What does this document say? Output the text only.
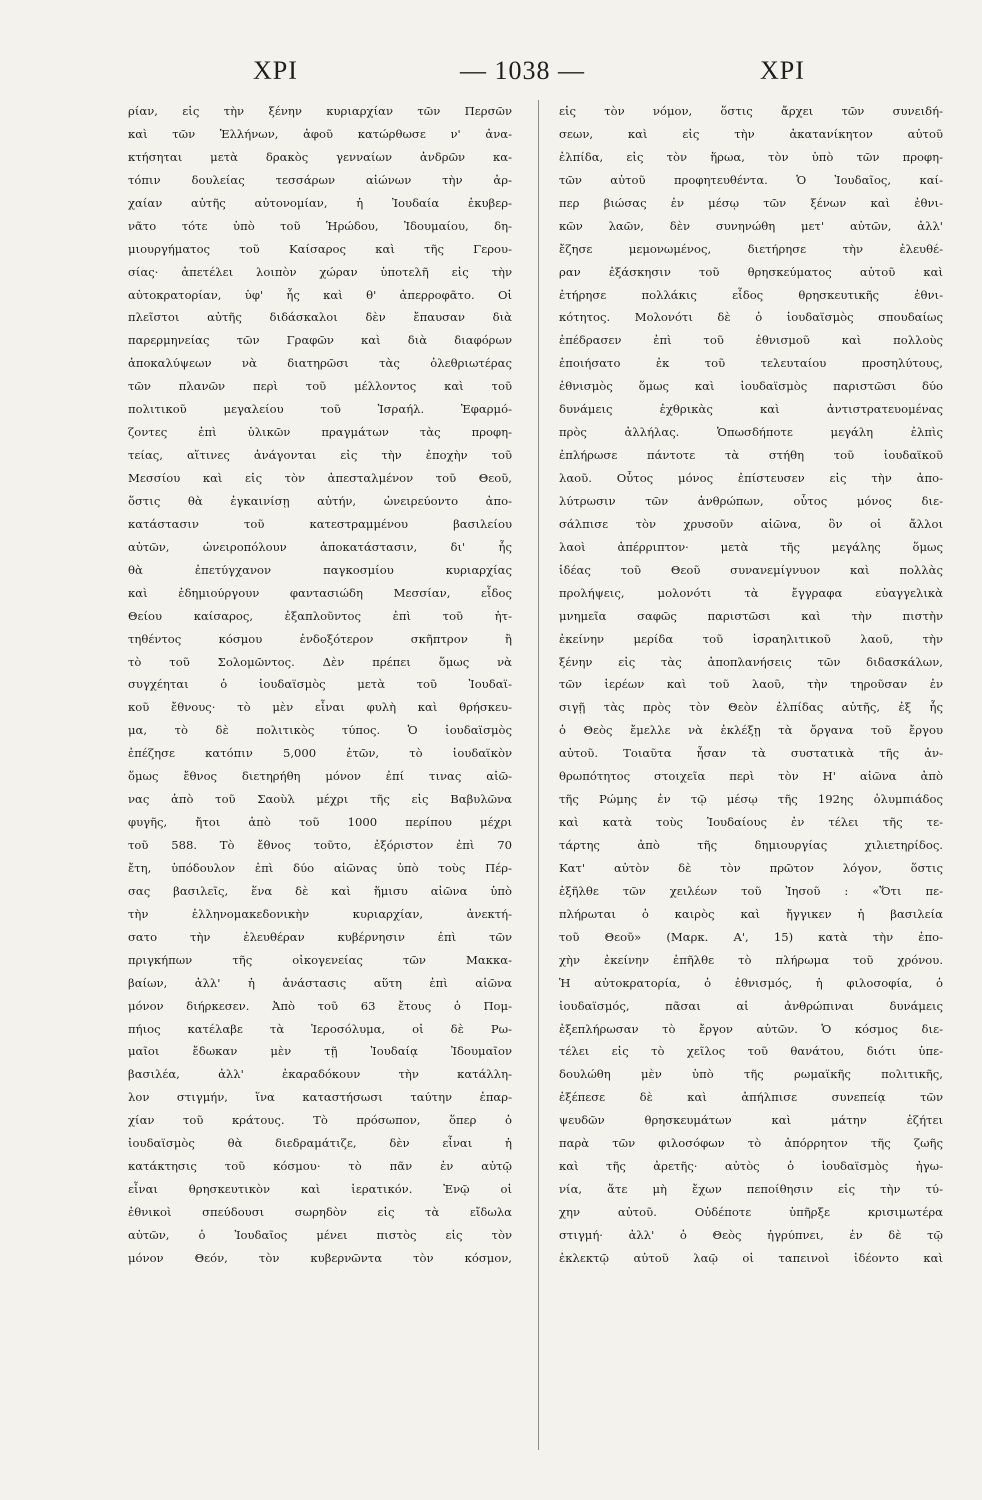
ΧΡΙ	— 1038 —	ΧΡΙ
ρίαν, εἰς τὴν ξένην κυριαρχίαν τῶν Περσῶν
καὶ τῶν Ἑλλήνων, ἀφοῦ κατώρθωσε ν' ἀνα-
κτήσηται μετὰ δρακὸς γενναίων ἀνδρῶν κα-
τόπιν δουλείας τεσσάρων αἰώνων τὴν ἀρ-
χαίαν αὐτῆς αὐτονομίαν, ἡ Ἰουδαία ἐκυβερ-
νᾶτο τότε ὑπὸ τοῦ Ἡρώδου, Ἰδουμαίου, δη-
μιουργήματος τοῦ Καίσαρος καὶ τῆς Γερου-
σίας· ἀπετέλει λοιπὸν χώραν ὑποτελῆ εἰς τὴν
αὐτοκρατορίαν, ὑφ' ἧς καὶ θ' ἀπερροφᾶτο. Οἱ
πλεῖστοι αὐτῆς διδάσκαλοι δὲν ἔπαυσαν διὰ
παρερμηνείας τῶν Γραφῶν καὶ διὰ διαφόρων
ἀποκαλύψεων νὰ διατηρῶσι τὰς ὀλεθριωτέρας
τῶν πλανῶν περὶ τοῦ μέλλοντος καὶ τοῦ
πολιτικοῦ μεγαλείου τοῦ Ἰσραήλ. Ἐφαρμό-
ζοντες ἐπὶ ὑλικῶν πραγμάτων τὰς προφη-
τείας, αἵτινες ἀνάγονται εἰς τὴν ἐποχὴν τοῦ
Μεσσίου καὶ εἰς τὸν ἀπεσταλμένον τοῦ Θεοῦ,
ὅστις θὰ ἐγκαινίσῃ αὐτήν, ὠνειρεύοντο ἀπο-
κατάστασιν τοῦ κατεστραμμένου βασιλείου
αὐτῶν, ὠνειροπόλουν ἀποκατάστασιν, δι' ἧς
θὰ ἐπετύγχανον παγκοσμίου κυριαρχίας
καὶ ἐδημιούργουν φαντασιώδη Μεσσίαν, εἶδος
Θείου καίσαρος, ἐξαπλοῦντος ἐπὶ τοῦ ἡτ-
τηθέντος κόσμου ἐνδοξότερον σκῆπτρον ἢ
τὸ τοῦ Σολομῶντος. Δὲν πρέπει ὅμως νὰ
συγχέηται ὁ ἰουδαϊσμὸς μετὰ τοῦ Ἰουδαϊ-
κοῦ ἔθνους· τὸ μὲν εἶναι φυλὴ καὶ θρήσκευ-
μα, τὸ δὲ πολιτικὸς τύπος. Ὁ ἰουδαϊσμὸς
ἐπέζησε κατόπιν 5,000 ἐτῶν, τὸ ἰουδαϊκὸν
ὅμως ἔθνος διετηρήθη μόνον ἐπί τινας αἰῶ-
νας ἀπὸ τοῦ Σαοὺλ μέχρι τῆς εἰς Βαβυλῶνα
φυγῆς, ἤτοι ἀπὸ τοῦ 1000 περίπου μέχρι
τοῦ 588. Τὸ ἔθνος τοῦτο, ἐξόριστον ἐπὶ 70
ἔτη, ὑπόδουλον ἐπὶ δύο αἰῶνας ὑπὸ τοὺς Πέρ-
σας βασιλεῖς, ἕνα δὲ καὶ ἥμισυ αἰῶνα ὑπὸ
τὴν ἑλληνομακεδονικὴν κυριαρχίαν, ἀνεκτή-
σατο τὴν ἐλευθέραν κυβέρνησιν ἐπὶ τῶν
πριγκήπων τῆς οἰκογενείας τῶν Μακκα-
βαίων, ἀλλ' ἡ ἀνάστασις αὕτη ἐπὶ αἰῶνα
μόνον διήρκεσεν. Ἀπὸ τοῦ 63 ἔτους ὁ Πομ-
πήιος κατέλαβε τὰ Ἱεροσόλυμα, οἱ δὲ Ρω-
μαῖοι ἔδωκαν μὲν τῇ Ἰουδαίᾳ Ἰδουμαῖον
βασιλέα, ἀλλ' ἐκαραδόκουν τὴν κατάλλη-
λον στιγμήν, ἵνα καταστήσωσι ταύτην ἐπαρ-
χίαν τοῦ κράτους. Τὸ πρόσωπον, ὅπερ ὁ
ἰουδαϊσμὸς θὰ διεδραμάτιζε, δὲν εἶναι ἡ
κατάκτησις τοῦ κόσμου· τὸ πᾶν ἐν αὐτῷ
εἶναι θρησκευτικὸν καὶ ἱερατικόν. Ἐνῷ οἱ
ἐθνικοὶ σπεύδουσι σωρηδὸν εἰς τὰ εἴδωλα
αὐτῶν, ὁ Ἰουδαῖος μένει πιστὸς εἰς τὸν
μόνον Θεόν, τὸν κυβερνῶντα τὸν κόσμον,
εἰς τὸν νόμον, ὅστις ἄρχει τῶν συνειδή-
σεων, καὶ εἰς τὴν ἀκατανίκητον αὐτοῦ
ἐλπίδα, εἰς τὸν ἥρωα, τὸν ὑπὸ τῶν προφη-
τῶν αὐτοῦ προφητευθέντα. Ὁ Ἰουδαῖος, καί-
περ βιώσας ἐν μέσῳ τῶν ξένων καὶ ἐθνι-
κῶν λαῶν, δὲν συνηνώθη μετ' αὐτῶν, ἀλλ'
ἔζησε μεμονωμένος, διετήρησε τὴν ἐλευθέ-
ραν ἐξάσκησιν τοῦ θρησκεύματος αὐτοῦ καὶ
ἐτήρησε πολλάκις εἶδος θρησκευτικῆς ἐθνι-
κότητος. Μολονότι δὲ ὁ ἰουδαϊσμὸς σπουδαίως
ἐπέδρασεν ἐπὶ τοῦ ἐθνισμοῦ καὶ πολλοὺς
ἐποιήσατο ἐκ τοῦ τελευταίου προσηλύτους,
ἐθνισμὸς ὅμως καὶ ἰουδαϊσμὸς παριστῶσι δύο
δυνάμεις ἐχθρικὰς καὶ ἀντιστρατευομένας
πρὸς ἀλλήλας. Ὁπωσδήποτε μεγάλη ἐλπὶς
ἐπλήρωσε πάντοτε τὰ στήθη τοῦ ἰουδαϊκοῦ
λαοῦ. Οὗτος μόνος ἐπίστευσεν εἰς τὴν ἀπο-
λύτρωσιν τῶν ἀνθρώπων, οὗτος μόνος διε-
σάλπισε τὸν χρυσοῦν αἰῶνα, ὃν οἱ ἄλλοι
λαοὶ ἀπέρριπτον· μετὰ τῆς μεγάλης ὅμως
ἰδέας τοῦ Θεοῦ συνανεμίγνυον καὶ πολλὰς
προλήψεις, μολονότι τὰ ἔγγραφα εὐαγγελικὰ
μνημεῖα σαφῶς παριστῶσι καὶ τὴν πιστὴν
ἐκείνην μερίδα τοῦ ἰσραηλιτικοῦ λαοῦ, τὴν
ξένην εἰς τὰς ἀποπλανήσεις τῶν διδασκάλων,
τῶν ἱερέων καὶ τοῦ λαοῦ, τὴν τηροῦσαν ἐν
σιγῇ τὰς πρὸς τὸν Θεὸν ἐλπίδας αὐτῆς, ἐξ ἧς
ὁ Θεὸς ἔμελλε νὰ ἐκλέξῃ τὰ ὄργανα τοῦ ἔργου
αὐτοῦ. Τοιαῦτα ἦσαν τὰ συστατικὰ τῆς ἀν-
θρωπότητος στοιχεῖα περὶ τὸν Η' αἰῶνα ἀπὸ
τῆς Ρώμης ἐν τῷ μέσῳ τῆς 192ης ὀλυμπιάδος
καὶ κατὰ τοὺς Ἰουδαίους ἐν τέλει τῆς τε-
τάρτης ἀπὸ τῆς δημιουργίας χιλιετηρίδος.
Κατ' αὐτὸν δὲ τὸν πρῶτον λόγον, ὅστις
ἐξῆλθε τῶν χειλέων τοῦ Ἰησοῦ : «Ὅτι πε-
πλήρωται ὁ καιρὸς καὶ ἤγγικεν ἡ βασιλεία
τοῦ Θεοῦ» (Μαρκ. Α', 15) κατὰ τὴν ἐπο-
χὴν ἐκείνην ἐπῆλθε τὸ πλήρωμα τοῦ χρόνου.
Ἡ αὐτοκρατορία, ὁ ἐθνισμός, ἡ φιλοσοφία, ὁ
ἰουδαϊσμός, πᾶσαι αἱ ἀνθρώπιναι δυνάμεις
ἐξεπλήρωσαν τὸ ἔργον αὐτῶν. Ὁ κόσμος διε-
τέλει εἰς τὸ χεῖλος τοῦ θανάτου, διότι ὑπε-
δουλώθη μὲν ὑπὸ τῆς ρωμαϊκῆς πολιτικῆς,
ἐξέπεσε δὲ καὶ ἀπήλπισε συνεπείᾳ τῶν
ψευδῶν θρησκευμάτων καὶ μάτην ἐζήτει
παρὰ τῶν φιλοσόφων τὸ ἀπόρρητον τῆς ζωῆς
καὶ τῆς ἀρετῆς· αὐτὸς ὁ ἰουδαϊσμὸς ἠγω-
νία, ἅτε μὴ ἔχων πεποίθησιν εἰς τὴν τύ-
χην αὐτοῦ. Οὐδέποτε ὑπῆρξε κρισιμωτέρα
στιγμή· ἀλλ' ὁ Θεὸς ἠγρύπνει, ἐν δὲ τῷ
ἐκλεκτῷ αὐτοῦ λαῷ οἱ ταπεινοὶ ἰδέοντο καὶ
